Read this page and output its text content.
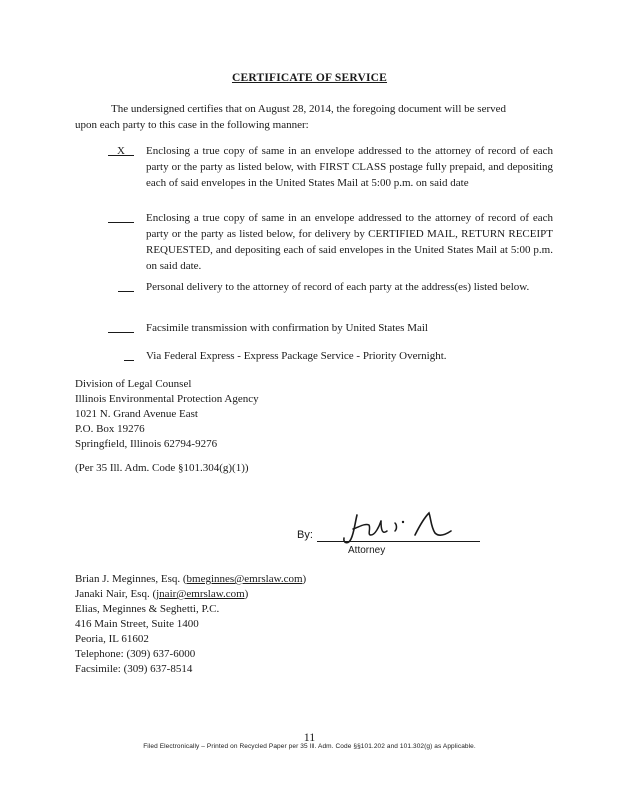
CERTIFICATE OF SERVICE
The undersigned certifies that on August 28, 2014, the foregoing document will be served
upon each party to this case in the following manner:
X	Enclosing a true copy of same in an envelope addressed to the attorney of record of each party or the party as listed below, with FIRST CLASS postage fully prepaid, and depositing each of said envelopes in the United States Mail at 5:00 p.m. on said date
Enclosing a true copy of same in an envelope addressed to the attorney of record of each party or the party as listed below, for delivery by CERTIFIED MAIL, RETURN RECEIPT REQUESTED, and depositing each of said envelopes in the United States Mail at 5:00 p.m. on said date.
Personal delivery to the attorney of record of each party at the address(es) listed below.
Facsimile transmission with confirmation by United States Mail
Via Federal Express - Express Package Service - Priority Overnight.
Division of Legal Counsel
Illinois Environmental Protection Agency
1021 N. Grand Avenue East
P.O. Box 19276
Springfield, Illinois 62794-9276
(Per 35 Ill. Adm. Code §101.304(g)(1))
By:
Attorney
Brian J. Meginnes, Esq. (bmeginnes@emrslaw.com)
Janaki Nair, Esq. (jnair@emrslaw.com)
Elias, Meginnes & Seghetti, P.C.
416 Main Street, Suite 1400
Peoria, IL 61602
Telephone: (309) 637-6000
Facsimile: (309) 637-8514
11
Filed Electronically – Printed on Recycled Paper per 35 Ill. Adm. Code §§101.202 and 101.302(g) as Applicable.
